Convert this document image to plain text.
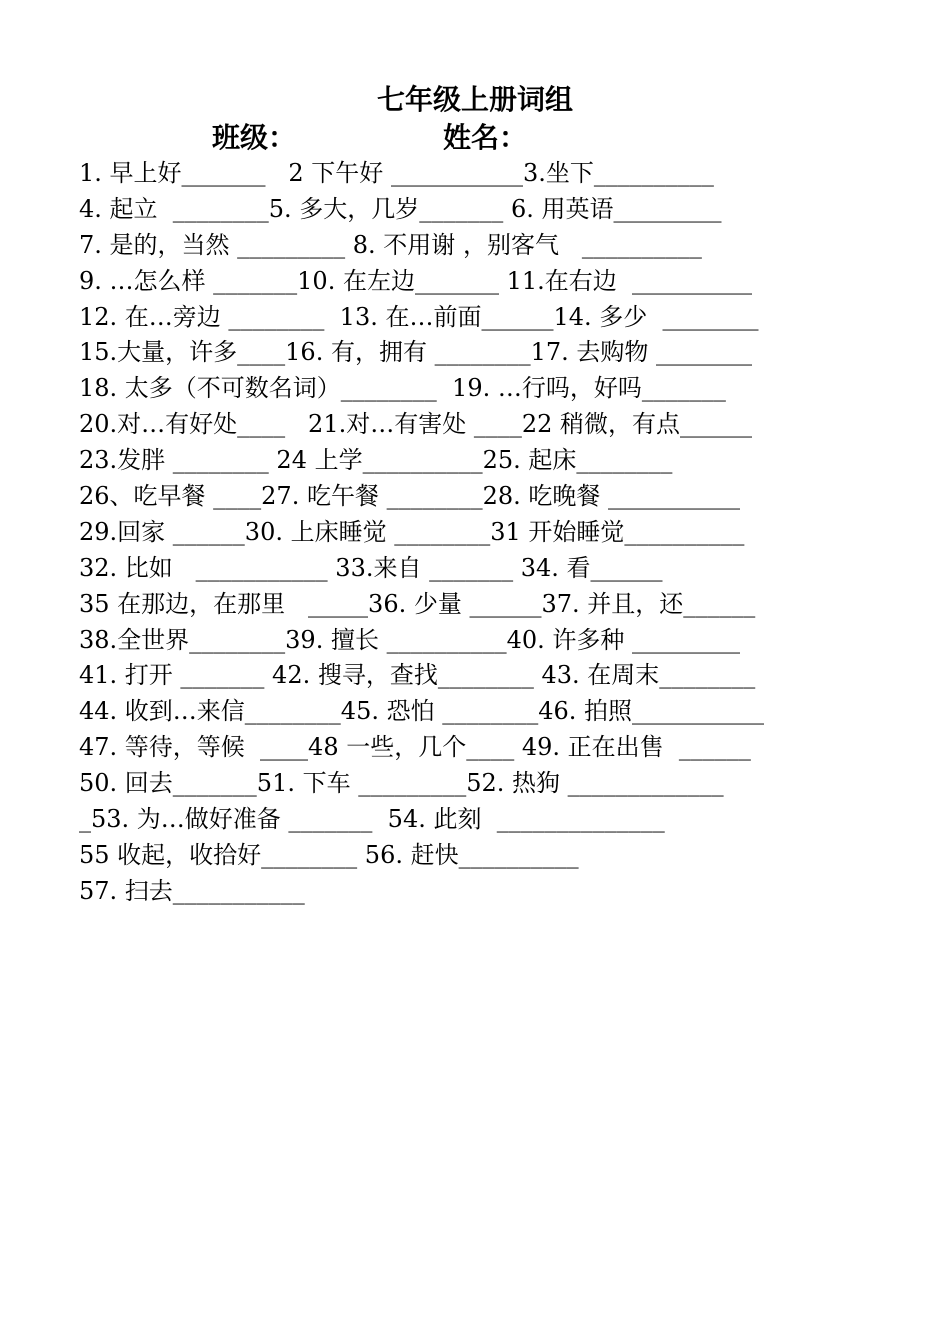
七年级上册词组
班级：	姓名：
1. 早上好_______   2 下午好 ___________3.坐下__________
4. 起立  ________5. 多大，几岁_______ 6. 用英语_________
7. 是的，当然 _________ 8. 不用谢 ，别客气   __________
9. …怎么样 _______10. 在左边_______ 11.在右边  __________
12. 在…旁边 ________  13. 在…前面______14. 多少  ________
15.大量，许多____16. 有，拥有 ________17. 去购物 ________
18. 太多（不可数名词）________  19. …行吗，好吗_______
20.对…有好处____   21.对…有害处 ____22 稍微，有点______
23.发胖 ________ 24 上学__________25. 起床________
26、吃早餐 ____27. 吃午餐 ________28. 吃晚餐 ___________
29.回家 ______30. 上床睡觉 ________31 开始睡觉__________
32. 比如   ___________ 33.来自 _______ 34. 看______
35 在那边，在那里   _____36. 少量 ______37. 并且，还______
38.全世界________39. 擅长 __________40. 许多种 _________
41. 打开 _______ 42. 搜寻，查找________ 43. 在周末________
44. 收到…来信________45. 恐怕 ________46. 拍照___________
47. 等待，等候  ____48 一些，几个____ 49. 正在出售  ______
50. 回去_______51. 下车 _________52. 热狗 _____________
_53. 为…做好准备 _______  54. 此刻  ______________
55 收起，收拾好________ 56. 赶快__________
57. 扫去___________
